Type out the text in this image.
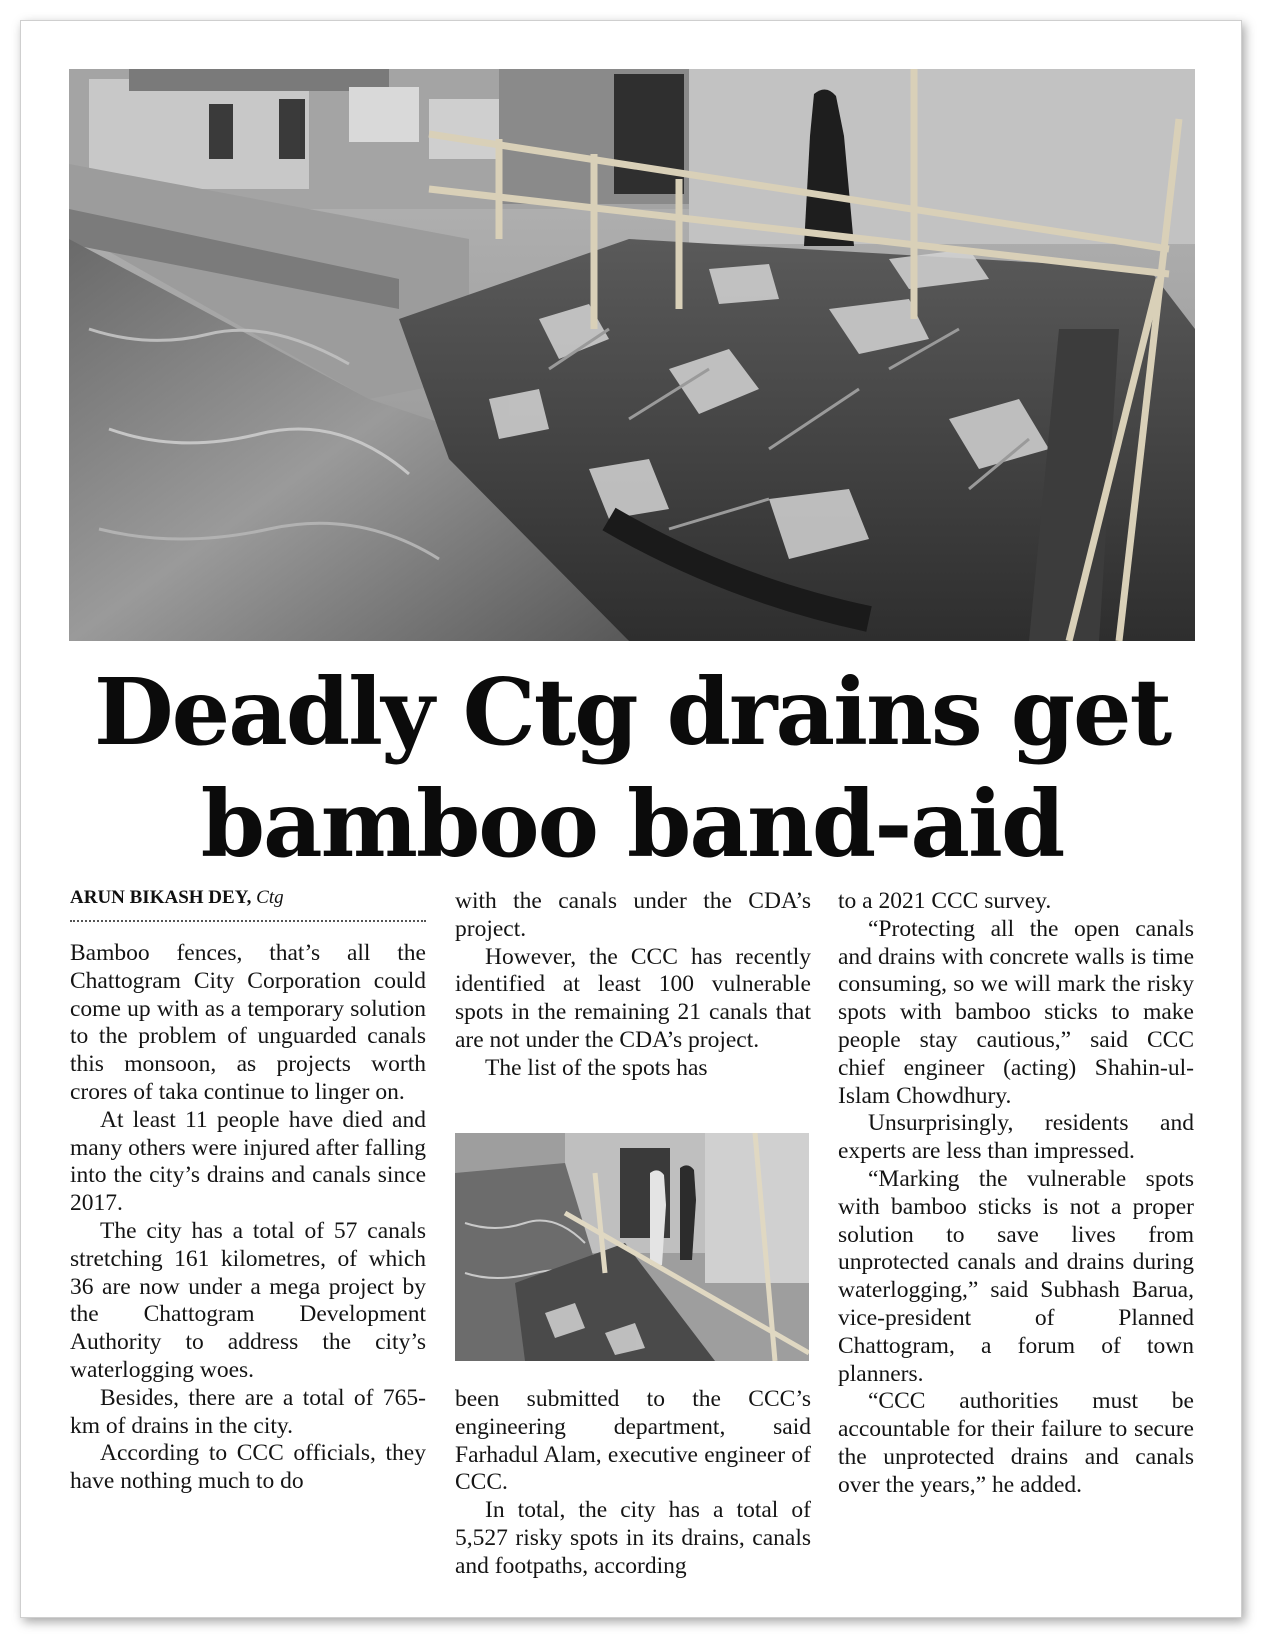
Deadly Ctg drains get
bamboo band-aid
ARUN BIKASH DEY, Ctg

Bamboo fences, that’s all the Chattogram City Corporation could come up with as a temporary solution to the problem of unguarded canals this monsoon, as projects worth crores of taka continue to linger on.

At least 11 people have died and many others were injured after falling into the city’s drains and canals since 2017.

The city has a total of 57 canals stretching 161 kilometres, of which 36 are now under a mega project by the Chattogram Development Authority to address the city’s waterlogging woes.

Besides, there are a total of 765-km of drains in the city.

According to CCC officials, they have nothing much to do

with the canals under the CDA’s project.

However, the CCC has recently identified at least 100 vulnerable spots in the remaining 21 canals that are not under the CDA’s project.

The list of the spots has

been submitted to the CCC’s engineering department, said Farhadul Alam, executive engineer of CCC.

In total, the city has a total of 5,527 risky spots in its drains, canals and footpaths, according

to a 2021 CCC survey.

“Protecting all the open canals and drains with concrete walls is time consuming, so we will mark the risky spots with bamboo sticks to make people stay cautious,” said CCC chief engineer (acting) Shahin-ul-Islam Chowdhury.

Unsurprisingly, residents and experts are less than impressed.

“Marking the vulnerable spots with bamboo sticks is not a proper solution to save lives from unprotected canals and drains during waterlogging,” said Subhash Barua, vice-president of Planned Chattogram, a forum of town planners.

“CCC authorities must be accountable for their failure to secure the unprotected drains and canals over the years,” he added.
